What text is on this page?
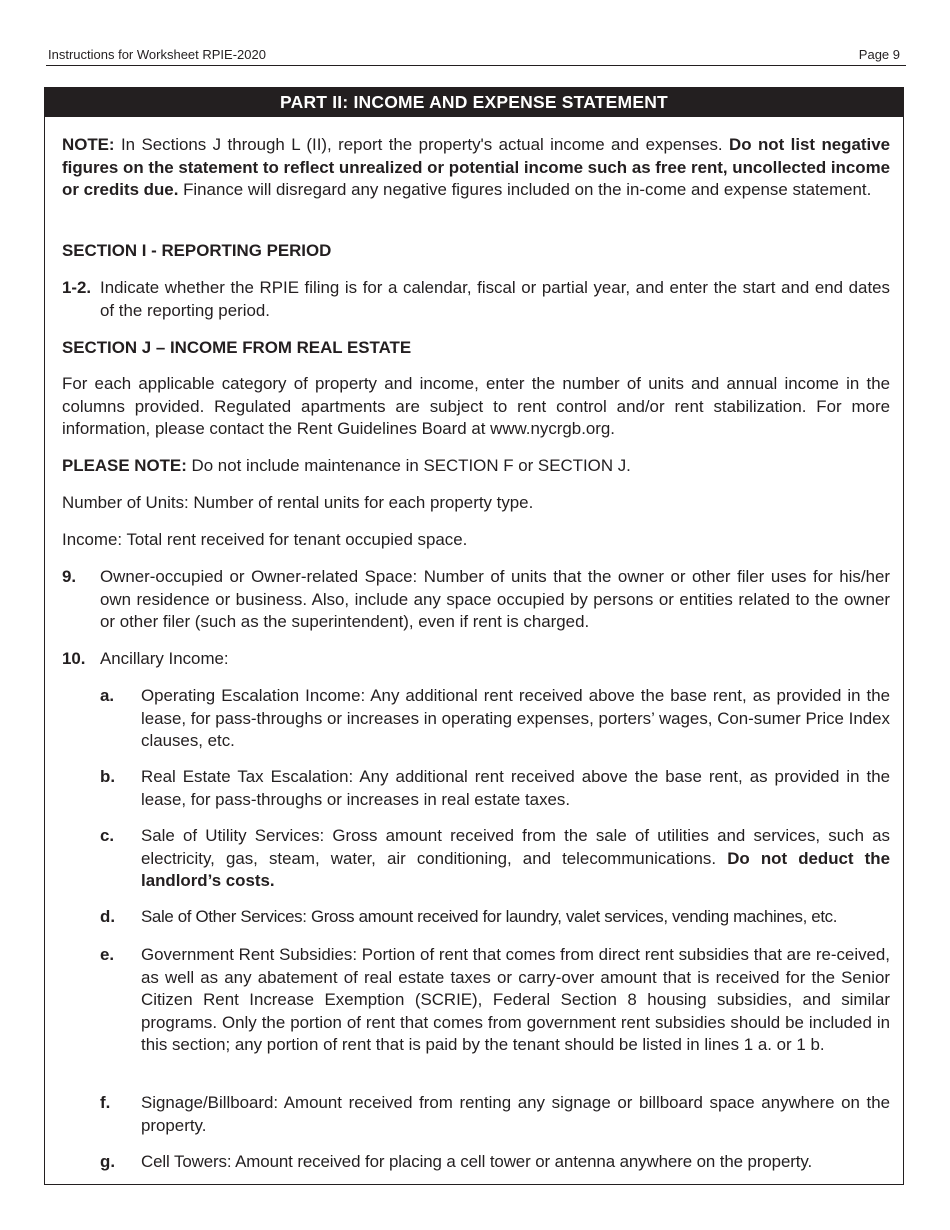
Instructions for Worksheet RPIE-2020	Page 9
PART II: INCOME AND EXPENSE STATEMENT

NOTE: In Sections J through L (II), report the property's actual income and expenses. Do not list negative figures on the statement to reflect unrealized or potential income such as free rent, uncollected income or credits due. Finance will disregard any negative figures included on the in-come and expense statement.

SECTION I - REPORTING PERIOD

1-2. Indicate whether the RPIE filing is for a calendar, fiscal or partial year, and enter the start and end dates of the reporting period.

SECTION J – INCOME FROM REAL ESTATE

For each applicable category of property and income, enter the number of units and annual income in the columns provided. Regulated apartments are subject to rent control and/or rent stabilization. For more information, please contact the Rent Guidelines Board at www.nycrgb.org.

PLEASE NOTE: Do not include maintenance in SECTION F or SECTION J.

Number of Units: Number of rental units for each property type.

Income: Total rent received for tenant occupied space.

9.	Owner-occupied or Owner-related Space: Number of units that the owner or other filer uses for his/her own residence or business. Also, include any space occupied by persons or entities related to the owner or other filer (such as the superintendent), even if rent is charged.
10. Ancillary Income:
a.	Operating Escalation Income: Any additional rent received above the base rent, as provided in the lease, for pass-throughs or increases in operating expenses, porters’ wages, Con-sumer Price Index clauses, etc.
b.	Real Estate Tax Escalation: Any additional rent received above the base rent, as provided in the lease, for pass-throughs or increases in real estate taxes.
c.	Sale of Utility Services: Gross amount received from the sale of utilities and services, such as electricity, gas, steam, water, air conditioning, and telecommunications. Do not deduct the landlord’s costs.
d.	Sale of Other Services: Gross amount received for laundry, valet services, vending machines, etc.
e.	Government Rent Subsidies: Portion of rent that comes from direct rent subsidies that are re-ceived, as well as any abatement of real estate taxes or carry-over amount that is received for the Senior Citizen Rent Increase Exemption (SCRIE), Federal Section 8 housing subsidies, and similar programs. Only the portion of rent that comes from government rent subsidies should be included in this section; any portion of rent that is paid by the tenant should be listed in lines 1 a. or 1 b.
f.	Signage/Billboard: Amount received from renting any signage or billboard space anywhere on the property.
g.	Cell Towers: Amount received for placing a cell tower or antenna anywhere on the property.
